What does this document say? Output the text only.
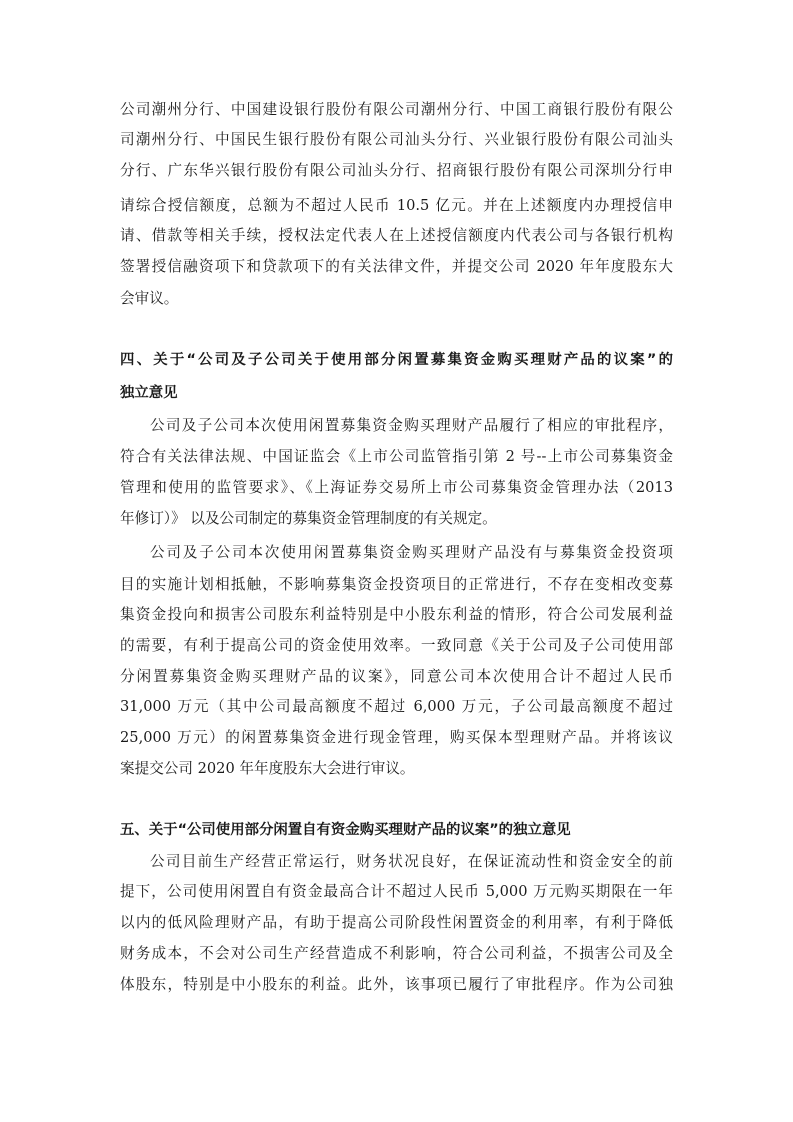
公司潮州分行、中国建设银行股份有限公司潮州分行、中国工商银行股份有限公
司潮州分行、中国民生银行股份有限公司汕头分行、兴业银行股份有限公司汕头
分行、广东华兴银行股份有限公司汕头分行、招商银行股份有限公司深圳分行申
请综合授信额度，总额为不超过人民币 10.5 亿元。并在上述额度内办理授信申
请、借款等相关手续，授权法定代表人在上述授信额度内代表公司与各银行机构
签署授信融资项下和贷款项下的有关法律文件，并提交公司 2020 年年度股东大
会审议。
四、关于“公司及子公司关于使用部分闲置募集资金购买理财产品的议案”的
独立意见
公司及子公司本次使用闲置募集资金购买理财产品履行了相应的审批程序，
符合有关法律法规、中国证监会《上市公司监管指引第 2 号--上市公司募集资金
管理和使用的监管要求》、《上海证券交易所上市公司募集资金管理办法（2013
年修订）》 以及公司制定的募集资金管理制度的有关规定。
公司及子公司本次使用闲置募集资金购买理财产品没有与募集资金投资项
目的实施计划相抵触，不影响募集资金投资项目的正常进行，不存在变相改变募
集资金投向和损害公司股东利益特别是中小股东利益的情形，符合公司发展利益
的需要，有利于提高公司的资金使用效率。一致同意《关于公司及子公司使用部
分闲置募集资金购买理财产品的议案》，同意公司本次使用合计不超过人民币
31,000 万元（其中公司最高额度不超过 6,000 万元，子公司最高额度不超过
25,000 万元）的闲置募集资金进行现金管理，购买保本型理财产品。并将该议
案提交公司 2020 年年度股东大会进行审议。
五、关于“公司使用部分闲置自有资金购买理财产品的议案”的独立意见
公司目前生产经营正常运行，财务状况良好，在保证流动性和资金安全的前
提下，公司使用闲置自有资金最高合计不超过人民币 5,000 万元购买期限在一年
以内的低风险理财产品，有助于提高公司阶段性闲置资金的利用率，有利于降低
财务成本，不会对公司生产经营造成不利影响，符合公司利益，不损害公司及全
体股东，特别是中小股东的利益。此外，该事项已履行了审批程序。作为公司独
